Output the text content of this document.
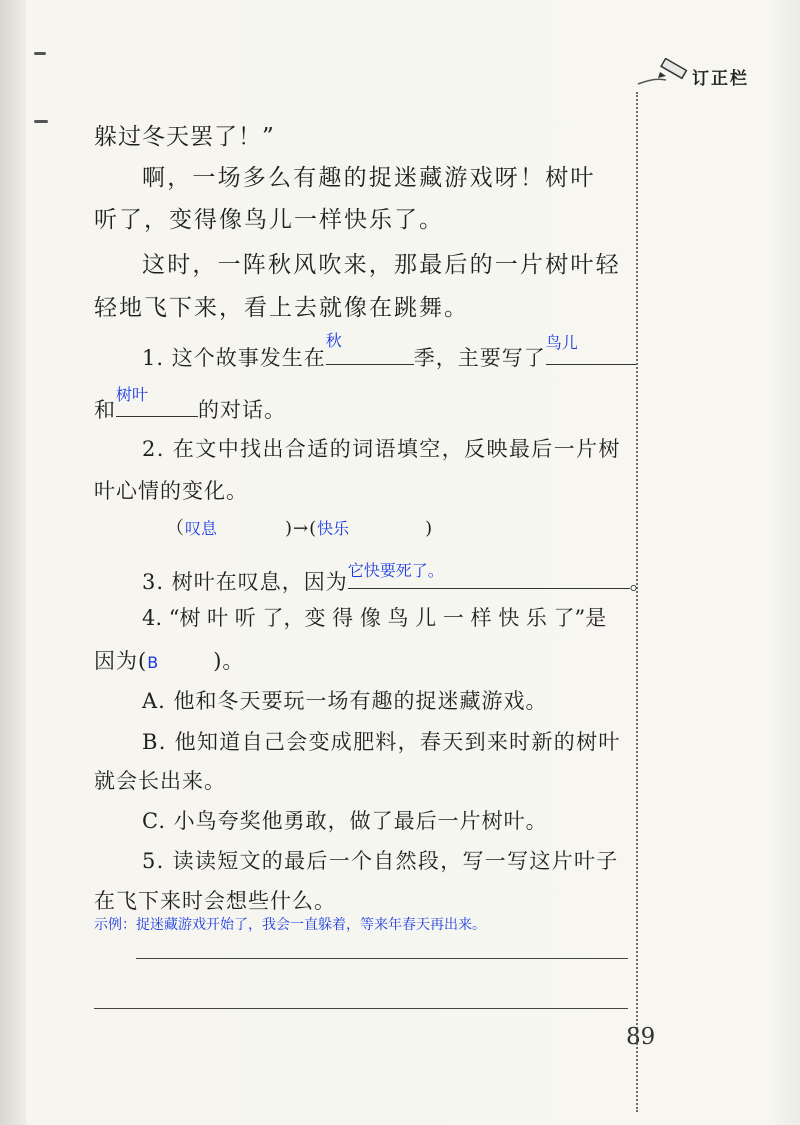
订正栏
躲过冬天罢了！”
啊，一场多么有趣的捉迷藏游戏呀！树叶
听了，变得像鸟儿一样快乐了。
这时，一阵秋风吹来，那最后的一片树叶轻
轻地飞下来，看上去就像在跳舞。
1. 这个故事发生在
秋
季，主要写了
鸟儿
和
树叶
的对话。
2. 在文中找出合适的词语填空，反映最后一片树
叶心情的变化。
（叹息	)→(快乐	)
3. 树叶在叹息，因为 它快要死了。	。
4. “树 叶 听 了，变 得 像 鸟 儿 一 样 快 乐 了”是
因为(B	)。
A. 他和冬天要玩一场有趣的捉迷藏游戏。
B. 他知道自己会变成肥料，春天到来时新的树叶
就会长出来。
C. 小鸟夸奖他勇敢，做了最后一片树叶。
5. 读读短文的最后一个自然段，写一写这片叶子
在飞下来时会想些什么。
示例：捉迷藏游戏开始了，我会一直躲着，等来年春天再出来。
89
